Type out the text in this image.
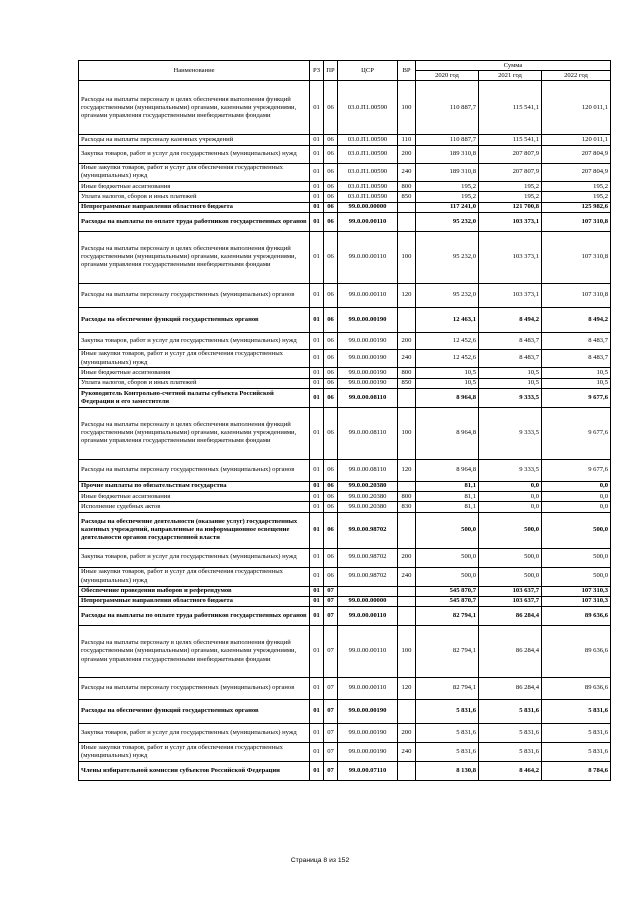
Наименование	РЗ	ПР	ЦСР	ВР	Сумма		
					2020 год	2021 год	2022 год
Расходы на выплаты персоналу в целях обеспечения выполнения функций государственными (муниципальными) органами, казенными учреждениями, органами управления государственными внебюджетными фондами	01	06	03.0.П1.00590	100	110 887,7	115 541,1	120 011,1
Расходы на выплаты персоналу казенных учреждений	01	06	03.0.П1.00590	110	110 887,7	115 541,1	120 011,1
Закупка товаров, работ и услуг для государственных (муниципальных) нужд	01	06	03.0.П1.00590	200	189 310,8	207 807,9	207 804,9
Иные закупки товаров, работ и услуг для обеспечения государственных (муниципальных) нужд	01	06	03.0.П1.00590	240	189 310,8	207 807,9	207 804,9
Иные бюджетные ассигнования	01	06	03.0.П1.00590	800	195,2	195,2	195,2
Уплата налогов, сборов и иных платежей	01	06	03.0.П1.00590	850	195,2	195,2	195,2
Непрограммные направления областного бюджета	01	06	99.0.00.00000		117 241,0	121 700,8	125 982,6
Расходы на выплаты по оплате труда работников государственных органов	01	06	99.0.00.00110		95 232,0	103 373,1	107 310,8
Расходы на выплаты персоналу в целях обеспечения выполнения функций государственными (муниципальными) органами, казенными учреждениями, органами управления государственными внебюджетными фондами	01	06	99.0.00.00110	100	95 232,0	103 373,1	107 310,8
Расходы на выплаты персоналу государственных (муниципальных) органов	01	06	99.0.00.00110	120	95 232,0	103 373,1	107 310,8
Расходы на обеспечение функций государственных органов	01	06	99.0.00.00190		12 463,1	8 494,2	8 494,2
Закупка товаров, работ и услуг для государственных (муниципальных) нужд	01	06	99.0.00.00190	200	12 452,6	8 483,7	8 483,7
Иные закупки товаров, работ и услуг для обеспечения государственных (муниципальных) нужд	01	06	99.0.00.00190	240	12 452,6	8 483,7	8 483,7
Иные бюджетные ассигнования	01	06	99.0.00.00190	800	10,5	10,5	10,5
Уплата налогов, сборов и иных платежей	01	06	99.0.00.00190	850	10,5	10,5	10,5
Руководитель Контрольно-счетной палаты субъекта Российской Федерации и его заместители	01	06	99.0.00.08110		8 964,8	9 333,5	9 677,6
Расходы на выплаты персоналу в целях обеспечения выполнения функций государственными (муниципальными) органами, казенными учреждениями, органами управления государственными внебюджетными фондами	01	06	99.0.00.08110	100	8 964,8	9 333,5	9 677,6
Расходы на выплаты персоналу государственных (муниципальных) органов	01	06	99.0.00.08110	120	8 964,8	9 333,5	9 677,6
Прочие выплаты по обязательствам государства	01	06	99.0.00.20380		81,1	0,0	0,0
Иные бюджетные ассигнования	01	06	99.0.00.20380	800	81,1	0,0	0,0
Исполнение судебных актов	01	06	99.0.00.20380	830	81,1	0,0	0,0
Расходы на обеспечение деятельности (оказание услуг) государственных казенных учреждений, направленные на информационное освещение деятельности органов государственной власти	01	06	99.0.00.98702		500,0	500,0	500,0
Закупка товаров, работ и услуг для государственных (муниципальных) нужд	01	06	99.0.00.98702	200	500,0	500,0	500,0
Иные закупки товаров, работ и услуг для обеспечения государственных (муниципальных) нужд	01	06	99.0.00.98702	240	500,0	500,0	500,0
Обеспечение проведения выборов и референдумов	01	07			545 870,7	103 637,7	107 310,3
Непрограммные направления областного бюджета	01	07	99.0.00.00000		545 870,7	103 637,7	107 310,3
Расходы на выплаты по оплате труда работников государственных органов	01	07	99.0.00.00110		82 794,1	86 284,4	89 636,6
Расходы на выплаты персоналу в целях обеспечения выполнения функций государственными (муниципальными) органами, казенными учреждениями, органами управления государственными внебюджетными фондами	01	07	99.0.00.00110	100	82 794,1	86 284,4	89 636,6
Расходы на выплаты персоналу государственных (муниципальных) органов	01	07	99.0.00.00110	120	82 794,1	86 284,4	89 636,6
Расходы на обеспечение функций государственных органов	01	07	99.0.00.00190		5 831,6	5 831,6	5 831,6
Закупка товаров, работ и услуг для государственных (муниципальных) нужд	01	07	99.0.00.00190	200	5 831,6	5 831,6	5 831,6
Иные закупки товаров, работ и услуг для обеспечения государственных (муниципальных) нужд	01	07	99.0.00.00190	240	5 831,6	5 831,6	5 831,6
Члены избирательной комиссии субъектов Российской Федерации	01	07	99.0.00.07110		8 130,8	8 464,2	8 784,6
Страница 8 из 152
